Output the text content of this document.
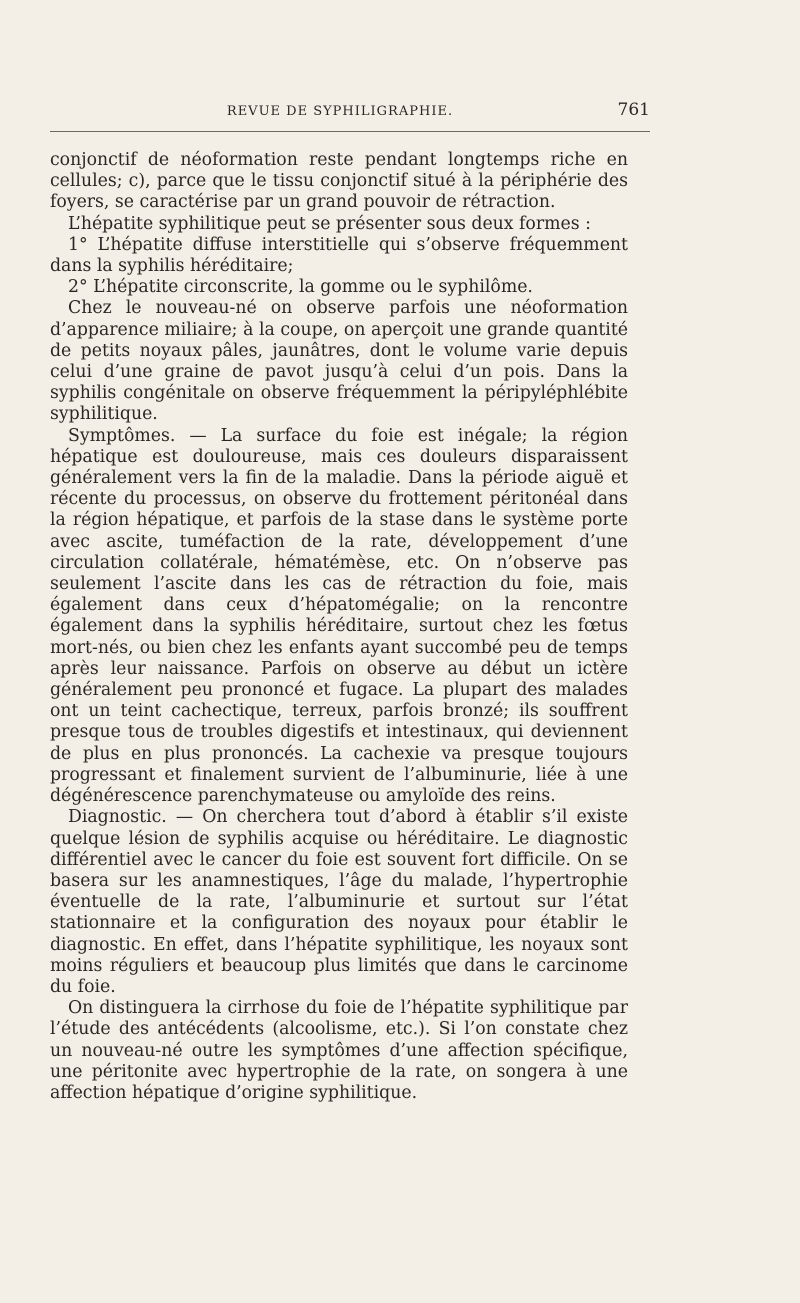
REVUE DE SYPHILIGRAPHIE.	761

conjonctif de néoformation reste pendant longtemps riche en cellules; c), parce que le tissu conjonctif situé à la périphérie des foyers, se caractérise par un grand pouvoir de rétraction.

L’hépatite syphilitique peut se présenter sous deux formes :

1° L’hépatite diffuse interstitielle qui s’observe fréquemment dans la syphilis héréditaire;

2° L’hépatite circonscrite, la gomme ou le syphilôme.

Chez le nouveau-né on observe parfois une néoformation d’apparence miliaire; à la coupe, on aperçoit une grande quantité de petits noyaux pâles, jaunâtres, dont le volume varie depuis celui d’une graine de pavot jusqu’à celui d’un pois. Dans la syphilis congénitale on observe fréquemment la péripyléphlébite syphilitique.

Symptômes. — La surface du foie est inégale; la région hépatique est douloureuse, mais ces douleurs disparaissent généralement vers la fin de la maladie. Dans la période aiguë et récente du processus, on observe du frottement péritonéal dans la région hépatique, et parfois de la stase dans le système porte avec ascite, tuméfaction de la rate, développement d’une circulation collatérale, hématémèse, etc. On n’observe pas seulement l’ascite dans les cas de rétraction du foie, mais également dans ceux d’hépatomégalie; on la rencontre également dans la syphilis héréditaire, surtout chez les fœtus mort-nés, ou bien chez les enfants ayant succombé peu de temps après leur naissance. Parfois on observe au début un ictère généralement peu prononcé et fugace. La plupart des malades ont un teint cachectique, terreux, parfois bronzé; ils souffrent presque tous de troubles digestifs et intestinaux, qui deviennent de plus en plus prononcés. La cachexie va presque toujours progressant et finalement survient de l’albuminurie, liée à une dégénérescence parenchymateuse ou amyloïde des reins.

Diagnostic. — On cherchera tout d’abord à établir s’il existe quelque lésion de syphilis acquise ou héréditaire. Le diagnostic différentiel avec le cancer du foie est souvent fort difficile. On se basera sur les anamnestiques, l’âge du malade, l’hypertrophie éventuelle de la rate, l’albuminurie et surtout sur l’état stationnaire et la configuration des noyaux pour établir le diagnostic. En effet, dans l’hépatite syphilitique, les noyaux sont moins réguliers et beaucoup plus limités que dans le carcinome du foie.

On distinguera la cirrhose du foie de l’hépatite syphilitique par l’étude des antécédents (alcoolisme, etc.). Si l’on constate chez un nouveau-né outre les symptômes d’une affection spécifique, une péritonite avec hypertrophie de la rate, on songera à une affection hépatique d’origine syphilitique.
